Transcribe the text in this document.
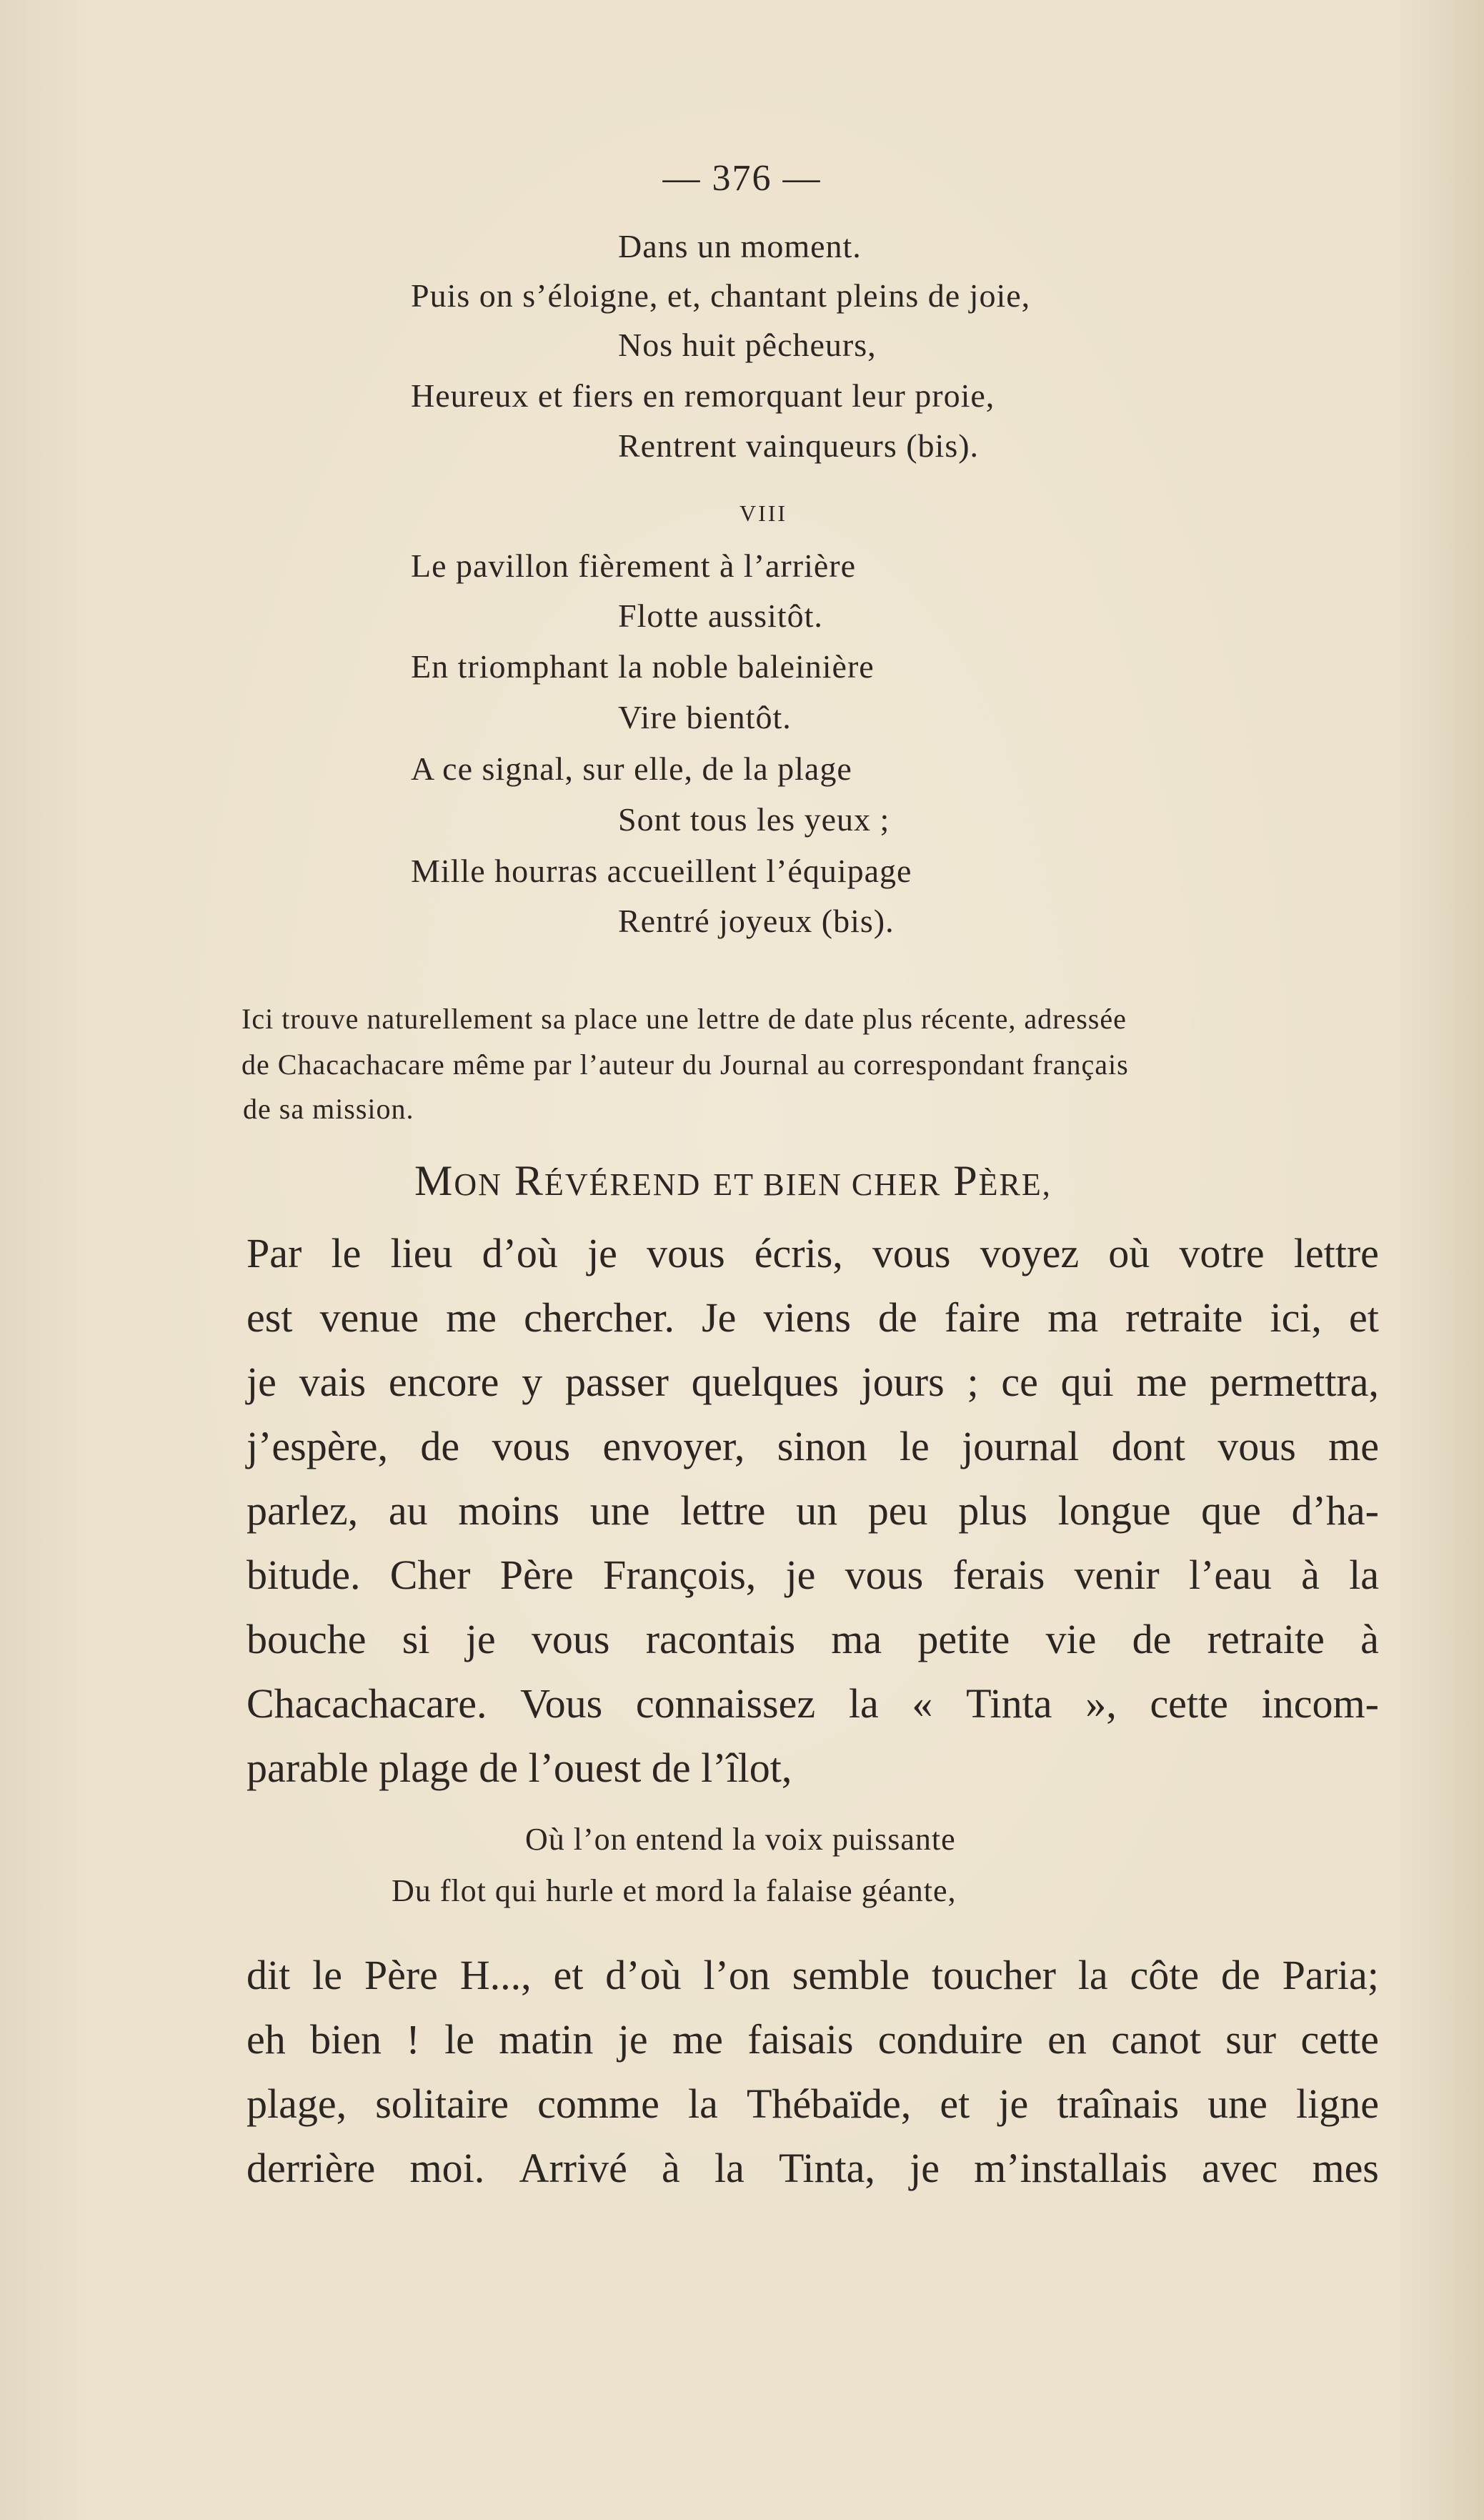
— 376 —
Dans un moment.
Puis on s’éloigne, et, chantant pleins de joie,
Nos huit pêcheurs,
Heureux et fiers en remorquant leur proie,
Rentrent vainqueurs (bis).
VIII
Le pavillon fièrement à l’arrière
Flotte aussitôt.
En triomphant la noble baleinière
Vire bientôt.
A ce signal, sur elle, de la plage
Sont tous les yeux ;
Mille hourras accueillent l’équipage
Rentré joyeux (bis).
Ici trouve naturellement sa place une lettre de date plus récente, adressée
de Chacachacare même par l’auteur du Journal au correspondant français
de sa mission.
MON RÉVÉREND ET BIEN CHER PÈRE,
Par le lieu d’où je vous écris, vous voyez où votre lettre
est venue me chercher. Je viens de faire ma retraite ici, et
je vais encore y passer quelques jours ; ce qui me permettra,
j’espère, de vous envoyer, sinon le journal dont vous me
parlez, au moins une lettre un peu plus longue que d’ha-
bitude. Cher Père François, je vous ferais venir l’eau à la
bouche si je vous racontais ma petite vie de retraite à
Chacachacare. Vous connaissez la « Tinta », cette incom-
parable plage de l’ouest de l’îlot,
Où l’on entend la voix puissante
Du flot qui hurle et mord la falaise géante,
dit le Père H..., et d’où l’on semble toucher la côte de Paria;
eh bien ! le matin je me faisais conduire en canot sur cette
plage, solitaire comme la Thébaïde, et je traînais une ligne
derrière moi. Arrivé à la Tinta, je m’installais avec mes
